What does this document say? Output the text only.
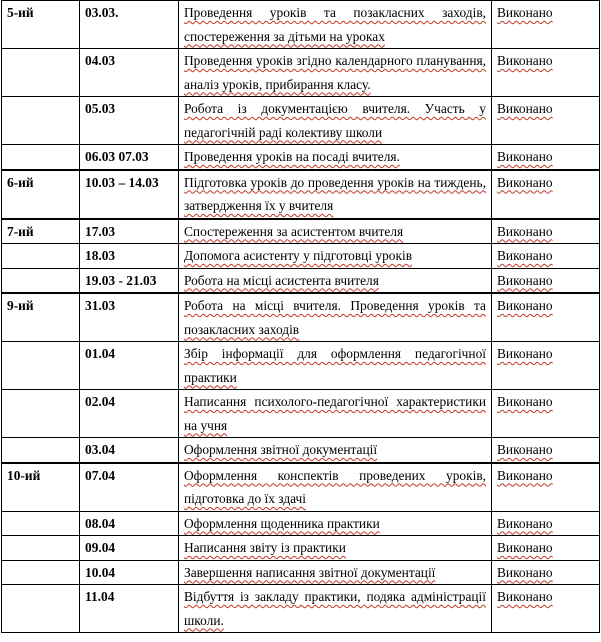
5-ий	03.03.	Проведення уроків та позакласних заходів, спостереження за дітьми на уроках	Виконано
	04.03	Проведення уроків згідно календарного планування, аналіз уроків, прибирання класу.	Виконано
	05.03	Робота із документацією вчителя. Участь у педагогічній раді колективу школи	Виконано
	06.03 07.03	Проведення уроків на посаді вчителя.	Виконано
6-ий	10.03 – 14.03	Підготовка уроків до проведення уроків на тиждень, затвердження їх у вчителя	Виконано
7-ий	17.03	Спостереження за асистентом вчителя	Виконано
	18.03	Допомога асистенту у підготовці уроків	Виконано
	19.03 - 21.03	Робота на місці асистента вчителя	Виконано
9-ий	31.03	Робота на місці вчителя. Проведення уроків та позакласних заходів	Виконано
	01.04	Збір інформації для оформлення педагогічної практики	Виконано
	02.04	Написання психолого-педагогічної характеристики на учня	Виконано
	03.04	Оформлення звітної документації	Виконано
10-ий	07.04	Оформлення конспектів проведених уроків, підготовка до їх здачі	Виконано
	08.04	Оформлення щоденника практики	Виконано
	09.04	Написання звіту із практики	Виконано
	10.04	Завершення написання звітної документації	Виконано
	11.04	Відбуття із закладу практики, подяка адміністрації школи.	Виконано
